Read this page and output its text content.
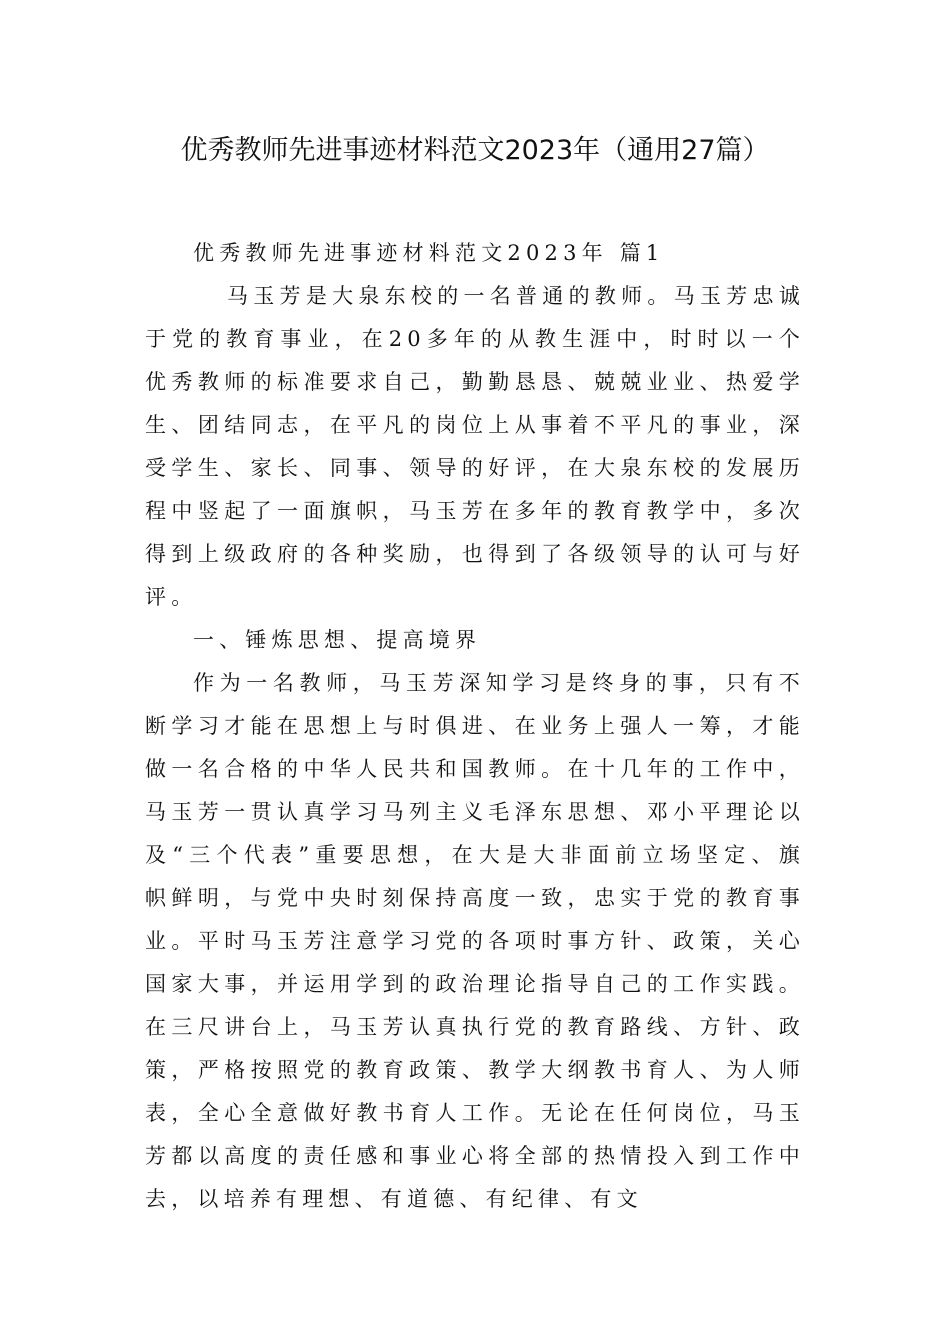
优秀教师先进事迹材料范文2023年（通用27篇）

优秀教师先进事迹材料范文2023年 篇1

马玉芳是大泉东校的一名普通的教师。马玉芳忠诚于党的教育事业，在20多年的从教生涯中，时时以一个优秀教师的标准要求自己，勤勤恳恳、兢兢业业、热爱学生、团结同志，在平凡的岗位上从事着不平凡的事业，深受学生、家长、同事、领导的好评，在大泉东校的发展历程中竖起了一面旗帜，马玉芳在多年的教育教学中，多次得到上级政府的各种奖励，也得到了各级领导的认可与好评。

一、锤炼思想、提高境界

作为一名教师，马玉芳深知学习是终身的事，只有不断学习才能在思想上与时俱进、在业务上强人一筹，才能做一名合格的中华人民共和国教师。在十几年的工作中，马玉芳一贯认真学习马列主义毛泽东思想、邓小平理论以及“三个代表”重要思想，在大是大非面前立场坚定、旗帜鲜明，与党中央时刻保持高度一致，忠实于党的教育事业。平时马玉芳注意学习党的各项时事方针、政策，关心国家大事，并运用学到的政治理论指导自己的工作实践。在三尺讲台上，马玉芳认真执行党的教育路线、方针、政策，严格按照党的教育政策、教学大纲教书育人、为人师表，全心全意做好教书育人工作。无论在任何岗位，马玉芳都以高度的责任感和事业心将全部的热情投入到工作中去，以培养有理想、有道德、有纪律、有文
